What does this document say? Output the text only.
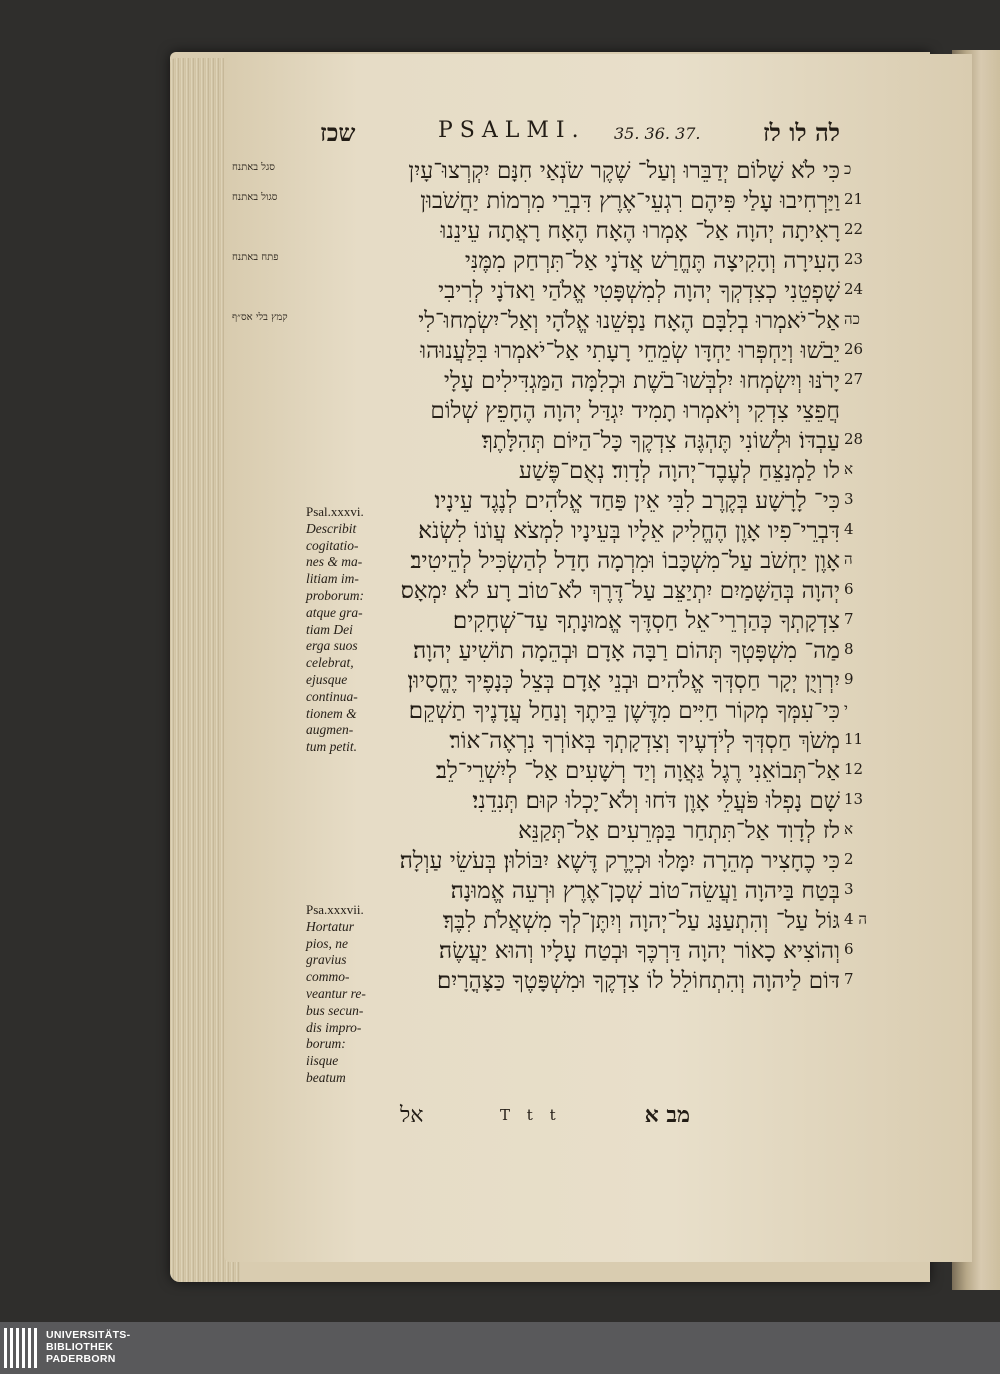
שכז	PSALMI. 35. 36. 37.	לה לו לז
כִּי לֹא שָׁלוֹם יְדַבֵּרוּ וְעַל־ שֶׁקֶר שֹׂנְאַי חִנָּם יִקְרְצוּ־עָיִן כ
סגל באתנח
וַיַּרְחִיבוּ עָלַי פִּיהֶם רִגְעֵי־אֶרֶץ דִּבְרֵי מִרְמוֹת יַחֲשֹׁבוּן 21
סגול באתנח
רָאִיתָה יְהוָה אַל־ אָמְרוּ הֶאָח הֶאָח רָאֲתָה עֵינֵנוּ 22
הָעִירָה וְהָקִיצָה תֶּחֱרַשׁ אֲדֹנָי אַל־תִּרְחַק מִמֶּנִּי 23
פתח באתנח
שָׁפְטֵנִי כְצִדְקְךָ יְהוָה לְמִשְׁפָּטִי אֱלֹהַי וַאדֹנָי לְרִיבִי 24
אַל־יֹאמְרוּ בְלִבָּם הֶאָח נַפְשֵׁנוּ אֱלֹהָי וְאַל־יִשְׂמְחוּ־לִי כה
קמץ בלי אס״ף
יֵבֹשׁוּ וְיַחְפְּרוּ יַחְדָּו שְׂמֵחֵי רָעָתִי אַל־יֹאמְרוּ בִּלַּעֲנוּהוּ 26
יָרֹנּוּ וְיִשְׂמְחוּ יִלְבְּשׁוּ־בֹשֶׁת וּכְלִמָּה הַמַּגְדִּילִים עָלָי 27
חֲפֵצֵי צִדְקִי וְיֹאמְרוּ תָמִיד יִגְדַּל יְהוָה הֶחָפֵץ שְׁלוֹם
עַבְדּוֹ׃ וּלְשׁוֹנִי תֶּהְגֶּה צִדְקֶךָ כָּל־הַיּוֹם תְּהִלָּתֶךָ׃ 28
לו לַמְנַצֵּחַ לְעֶבֶד־יְהוָה לְדָוִד׃ נְאֻם־פֶּשַׁע א
כִּי־ לָרָשָׁע בְּקֶרֶב לִבִּי אֵין פַּחַד אֱלֹהִים לְנֶגֶד עֵינָיו׃ 3
דִּבְרֵי־פִיו אָוֶן הֶחֱלִיק אֵלָיו בְּעֵינָיו לִמְצֹא עֲוֺנוֹ לִשְׂנֹא׃ 4
אָוֶן יַחְשֹׁב עַל־מִשְׁכָּבוֹ וּמִרְמָה חָדַל לְהַשְׂכִּיל לְהֵיטִיב׃ ה
יְהוָה בְּהַשָּׁמַיִם יִתְיַצֵּב עַל־דֶּרֶךְ לֹא־טוֹב רָע לֹא יִמְאָס׃ 6
צִדְקָתְךָ כְּהַרְרֵי־אֵל חַסְדֶּךָ אֱמוּנָתְךָ עַד־שְׁחָקִים׃ 7
מַה־ מִשְׁפָּטְךָ תְּהוֹם רַבָּה אָדָם וּבְהֵמָה תוֹשִׁיעַ יְהוָה׃ 8
יִרְוְיֻן יְקָר חַסְדְּךָ אֱלֹהִים וּבְנֵי אָדָם בְּצֵל כְּנָפֶיךָ יֶחֱסָיוּן׃ 9
כִּי־עִמְּךָ מְקוֹר חַיִּים מִדֶּשֶׁן בֵּיתֶךָ וְנַחַל עֲדָנֶיךָ תַשְׁקֵם׃ י
מְשֹׁךְ חַסְדְּךָ לְיֹדְעֶיךָ וְצִדְקָתְךָ בְּאוֹרְךָ נִרְאֶה־אוֹר׃ 11
אַל־תְּבוֹאֵנִי רֶגֶל גַּאֲוָה וְיַד רְשָׁעִים אַל־ לְיִשְׁרֵי־לֵב׃ 12
שָׁם נָפְלוּ פֹּעֲלֵי אָוֶן דֹּחוּ וְלֹא־יָכְלוּ קוּם׃ תְּנִדֵנִי׃ 13
לז לְדָוִד אַל־תִּתְחַר בַּמְּרֵעִים אַל־תְּקַנֵּא א
כִּי כֶחָצִיר מְהֵרָה יִמָּלוּ וּכְיֶרֶק דֶּשֶׁא יִבּוֹלוּן׃ בְּעֹשֵׂי עַוְלָה׃ 2
בְּטַח בַּיהוָה וַעֲשֵׂה־טוֹב שְׁכָן־אֶרֶץ וּרְעֵה אֱמוּנָה׃ 3
גּוֹל עַל־ וְהִתְעַנַּג עַל־יְהוָה וְיִתֶּן־לְךָ מִשְׁאֲלֹת לִבֶּךָ׃ ה 4
וְהוֹצִיא כָאוֹר יְהוָה דַּרְכֶּךָ וּבְטַח עָלָיו וְהוּא יַעֲשֶׂה׃ 6
דּוֹם לַיהוָה וְהִתְחוֹלֵל לוֹ צִדְקֶךָ וּמִשְׁפָּטֶךָ כַּצָּהֳרָיִם׃ 7
Psal.xxxvi.
Describit
cogitatio-
nes & ma-
litiam im-
proborum:
atque gra-
tiam Dei
erga suos
celebrat,
ejusque
continua-
tionem &
augmen-
tum petit.
Psa.xxxvii.
Hortatur
pios, ne
gravius
commo-
veantur re-
bus secun-
dis impro-
borum:
iisque
beatum
אל	T t t	מב א
UNIVERSITÄTS-
BIBLIOTHEK
PADERBORN
